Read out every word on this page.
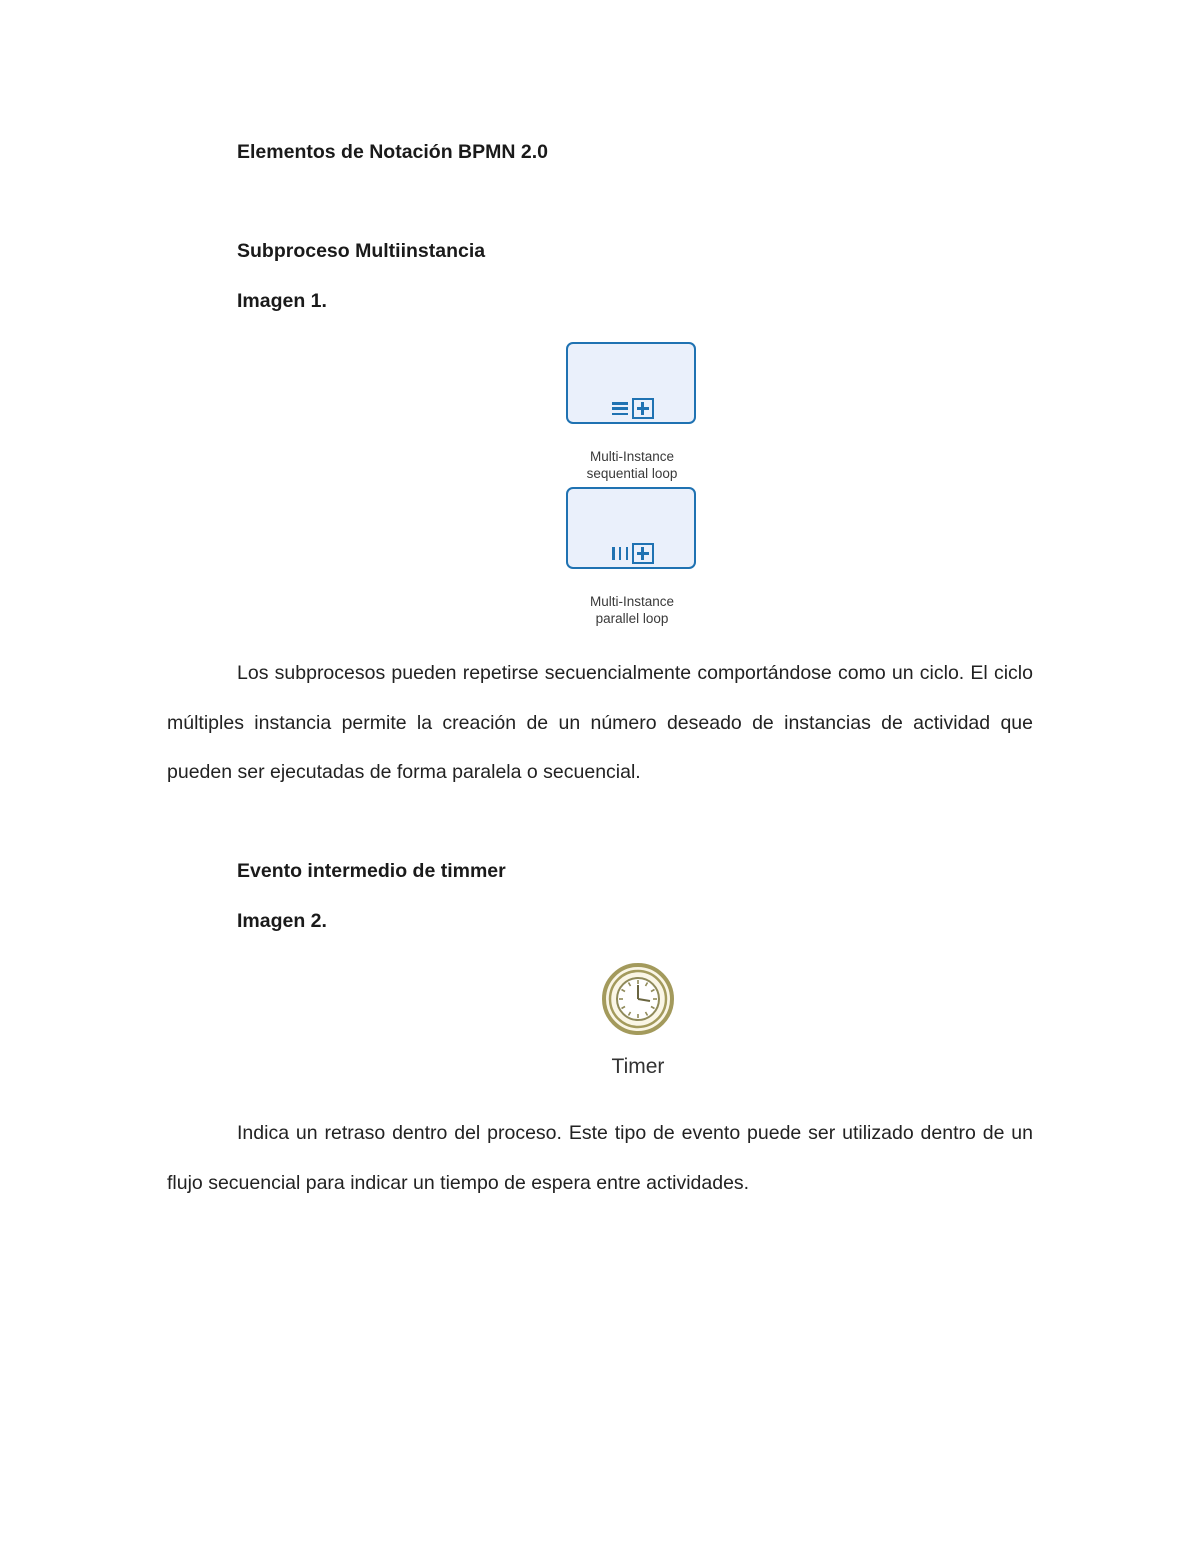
Elementos de Notación BPMN 2.0
Subproceso Multiinstancia
Imagen 1.
Multi-Instance
sequential loop
Multi-Instance
parallel loop

Los subprocesos pueden repetirse secuencialmente comportándose como un ciclo. El ciclo múltiples instancia permite la creación de un número deseado de instancias de actividad que pueden ser ejecutadas de forma paralela o secuencial.

Evento intermedio de timmer
Imagen 2.
Timer

Indica un retraso dentro del proceso. Este tipo de evento puede ser utilizado dentro de un flujo secuencial para indicar un tiempo de espera entre actividades.
